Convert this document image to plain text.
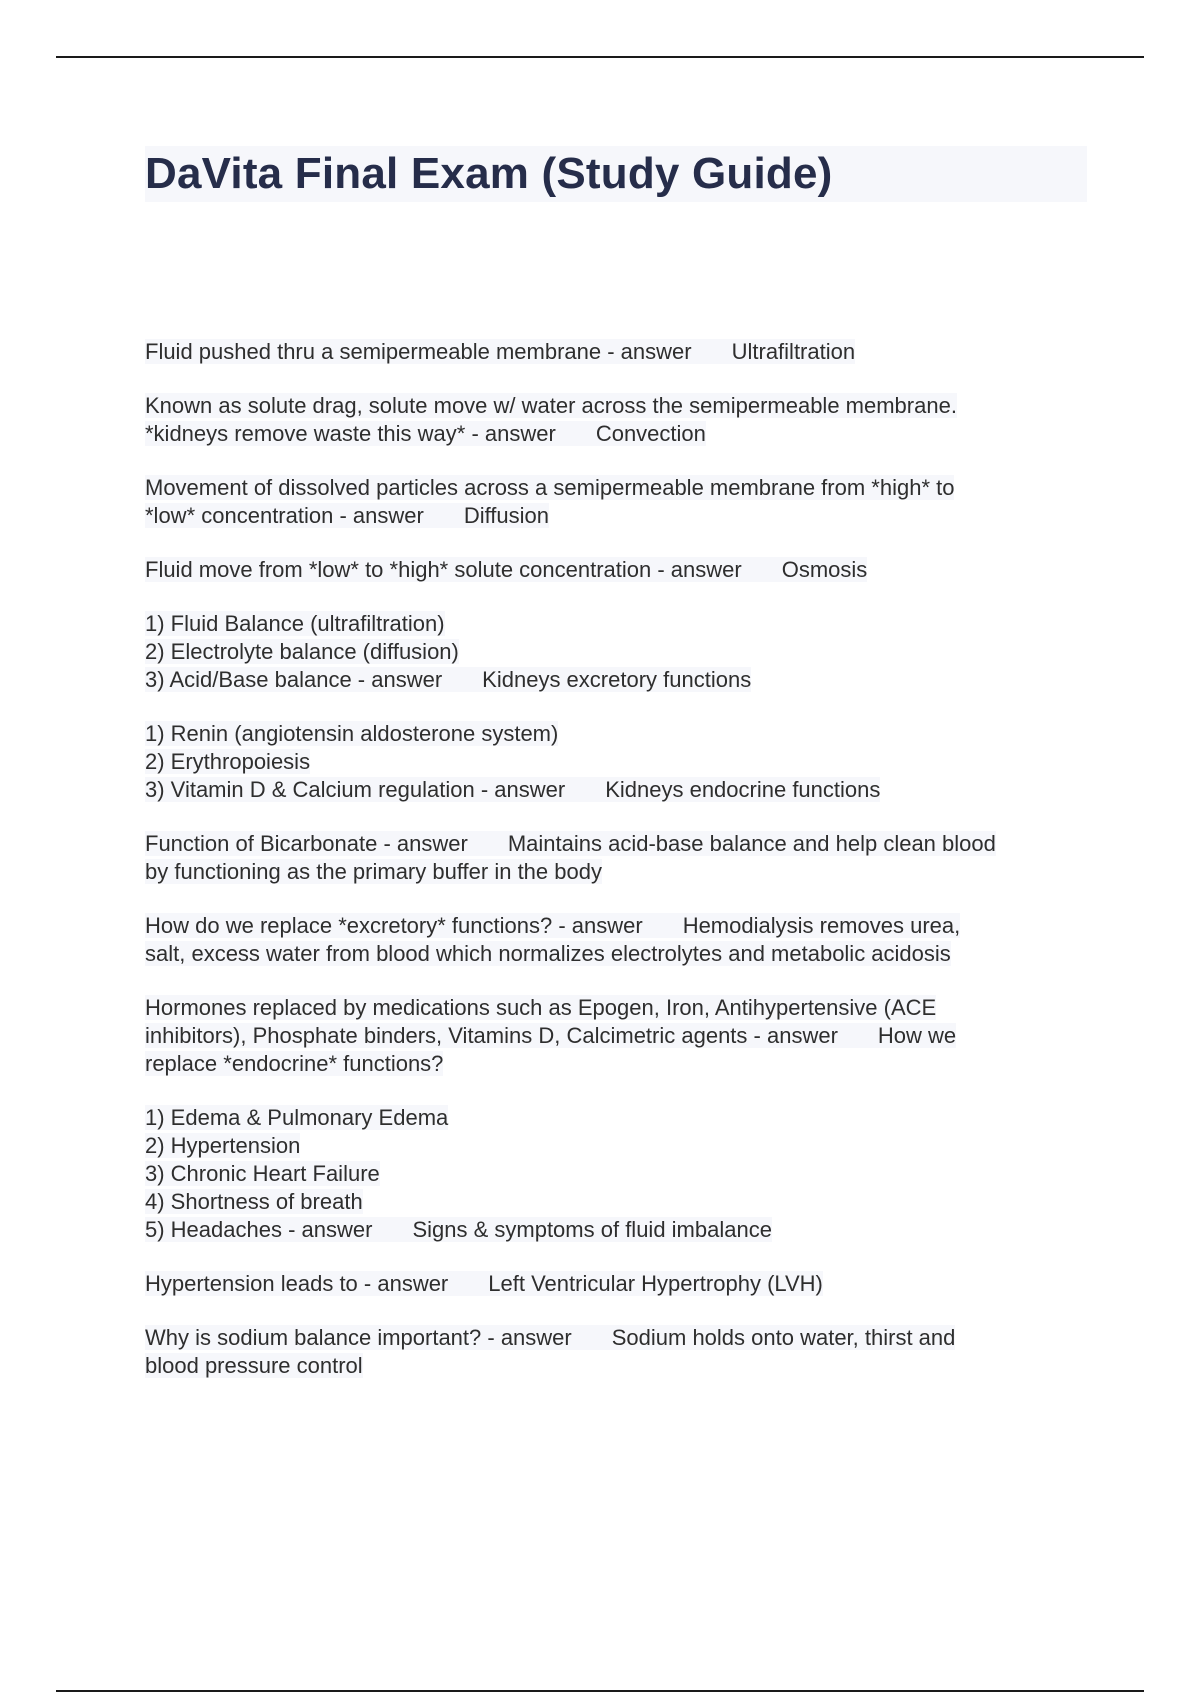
DaVita Final Exam (Study Guide)
Fluid pushed thru a semipermeable membrane - answer Ultrafiltration
Known as solute drag, solute move w/ water across the semipermeable membrane.
*kidneys remove waste this way* - answer Convection
Movement of dissolved particles across a semipermeable membrane from *high* to
*low* concentration - answer Diffusion
Fluid move from *low* to *high* solute concentration - answer Osmosis
1) Fluid Balance (ultrafiltration)
2) Electrolyte balance (diffusion)
3) Acid/Base balance - answer Kidneys excretory functions
1) Renin (angiotensin aldosterone system)
2) Erythropoiesis
3) Vitamin D & Calcium regulation - answer Kidneys endocrine functions
Function of Bicarbonate - answer Maintains acid-base balance and help clean blood
by functioning as the primary buffer in the body
How do we replace *excretory* functions? - answer Hemodialysis removes urea,
salt, excess water from blood which normalizes electrolytes and metabolic acidosis
Hormones replaced by medications such as Epogen, Iron, Antihypertensive (ACE
inhibitors), Phosphate binders, Vitamins D, Calcimetric agents - answer How we
replace *endocrine* functions?
1) Edema & Pulmonary Edema
2) Hypertension
3) Chronic Heart Failure
4) Shortness of breath
5) Headaches - answer Signs & symptoms of fluid imbalance
Hypertension leads to - answer Left Ventricular Hypertrophy (LVH)
Why is sodium balance important? - answer Sodium holds onto water, thirst and
blood pressure control
